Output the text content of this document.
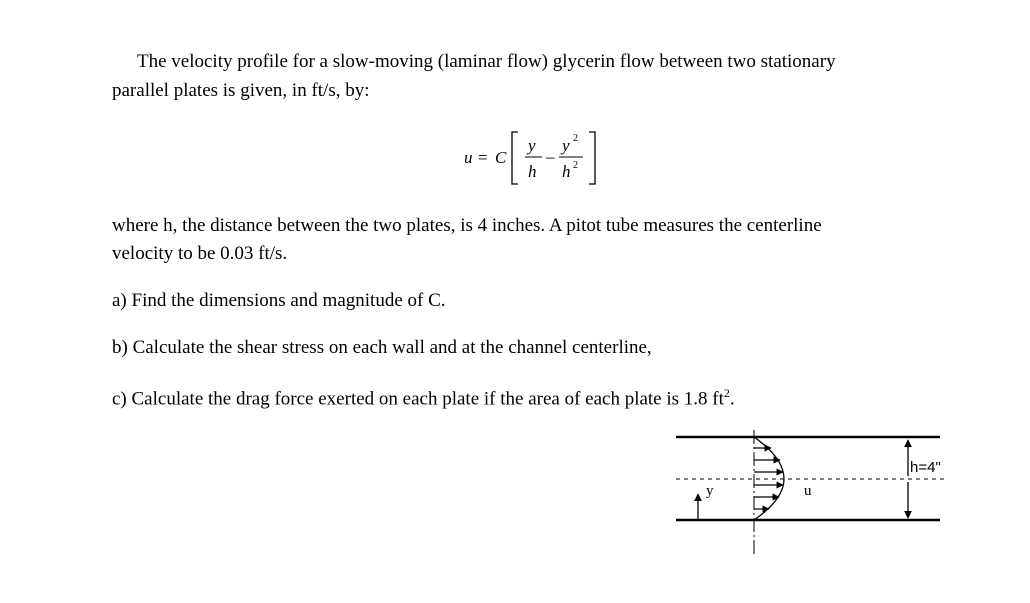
The velocity profile for a slow-moving (laminar flow) glycerin flow between two stationary
parallel plates is given, in ft/s, by:
u = C
y
h
–
y 2
h 2
where h, the distance between the two plates, is 4 inches. A pitot tube measures the centerline
velocity to be 0.03 ft/s.
a) Find the dimensions and magnitude of C.
b) Calculate the shear stress on each wall and at the channel centerline,
c) Calculate the drag force exerted on each plate if the area of each plate is 1.8 $ft^2$.
y	u
h=4"
